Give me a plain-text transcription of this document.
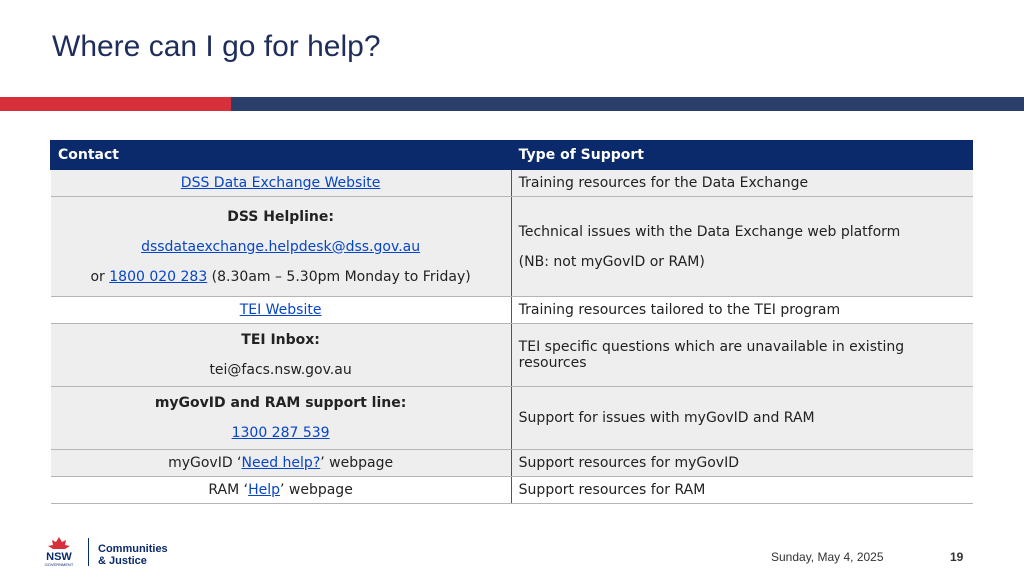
Where can I go for help?
Contact	Type of Support
DSS Data Exchange Website	Training resources for the Data Exchange

DSS Helpline:
dssdataexchange.helpdesk@dss.gov.au
or 1800 020 283 (8.30am – 5.30pm Monday to Friday)	Technical issues with the Data Exchange web platform
(NB: not myGovID or RAM)

TEI Website	Training resources tailored to the TEI program

TEI Inbox:
tei@facs.nsw.gov.au	TEI specific questions which are unavailable in existing resources

myGovID and RAM support line:
1300 287 539	Support for issues with myGovID and RAM
myGovID ‘Need help?’ webpage	Support resources for myGovID
RAM ‘Help’ webpage	Support resources for RAM
NSW
GOVERNMENT
Communities
& Justice	Sunday, May 4, 2025	19
